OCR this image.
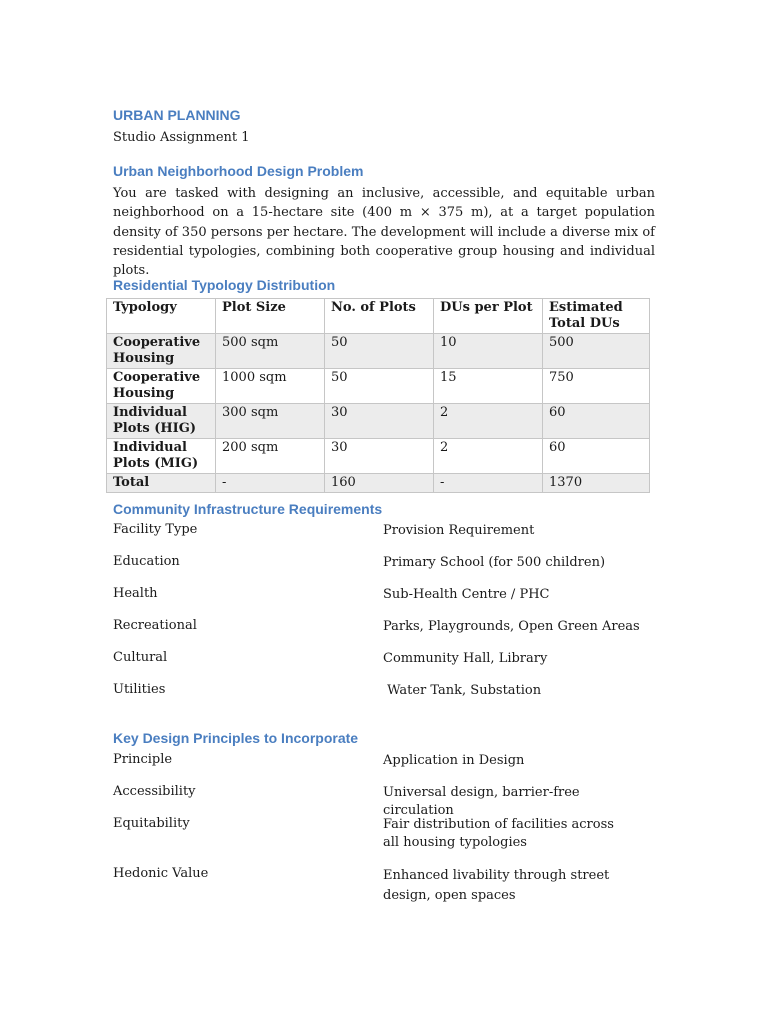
URBAN PLANNING
Studio Assignment 1
Urban Neighborhood Design Problem

You are tasked with designing an inclusive, accessible, and equitable urban neighborhood on a 15-hectare site (400 m × 375 m), at a target population density of 350 persons per hectare. The development will include a diverse mix of residential typologies, combining both cooperative group housing and individual plots.

Residential Typology Distribution
Typology	Plot Size	No. of Plots	DUs per Plot	Estimated Total DUs
Cooperative Housing	500 sqm	50	10	500
Cooperative Housing	1000 sqm	50	15	750
Individual Plots (HIG)	300 sqm	30	2	60
Individual Plots (MIG)	200 sqm	30	2	60
Total	-	160	-	1370
Community Infrastructure Requirements
Facility Type	Provision Requirement
Education	Primary School (for 500 children)
Health	Sub-Health Centre / PHC
Recreational	Parks, Playgrounds, Open Green Areas
Cultural	Community Hall, Library
Utilities	Water Tank, Substation
Key Design Principles to Incorporate
Principle	Application in Design
Accessibility	Universal design, barrier-free circulation
Equitability	Fair distribution of facilities across all housing typologies
Hedonic Value	Enhanced livability through street design, open spaces
